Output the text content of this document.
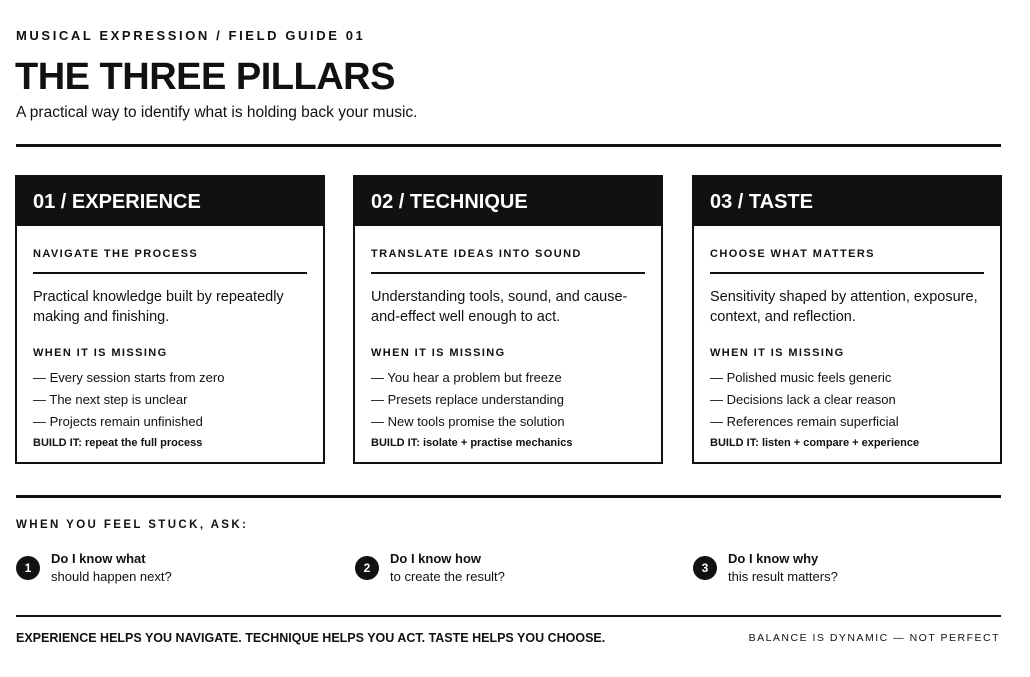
MUSICAL EXPRESSION / FIELD GUIDE 01
THE THREE PILLARS

A practical way to identify what is holding back your music.

01 / EXPERIENCE
NAVIGATE THE PROCESS

Practical knowledge built by repeatedly making and finishing.

WHEN IT IS MISSING
— Every session starts from zero
— The next step is unclear
— Projects remain unfinished
BUILD IT: repeat the full process
02 / TECHNIQUE
TRANSLATE IDEAS INTO SOUND

Understanding tools, sound, and cause-and-effect well enough to act.

WHEN IT IS MISSING
— You hear a problem but freeze
— Presets replace understanding
— New tools promise the solution
BUILD IT: isolate + practise mechanics
03 / TASTE
CHOOSE WHAT MATTERS

Sensitivity shaped by attention, exposure, context, and reflection.

WHEN IT IS MISSING
— Polished music feels generic
— Decisions lack a clear reason
— References remain superficial
BUILD IT: listen + compare + experience
WHEN YOU FEEL STUCK, ASK:
1
Do I know what
should happen next?
2
Do I know how
to create the result?
3
Do I know why
this result matters?
EXPERIENCE HELPS YOU NAVIGATE. TECHNIQUE HELPS YOU ACT. TASTE HELPS YOU CHOOSE.	BALANCE IS DYNAMIC — NOT PERFECT
